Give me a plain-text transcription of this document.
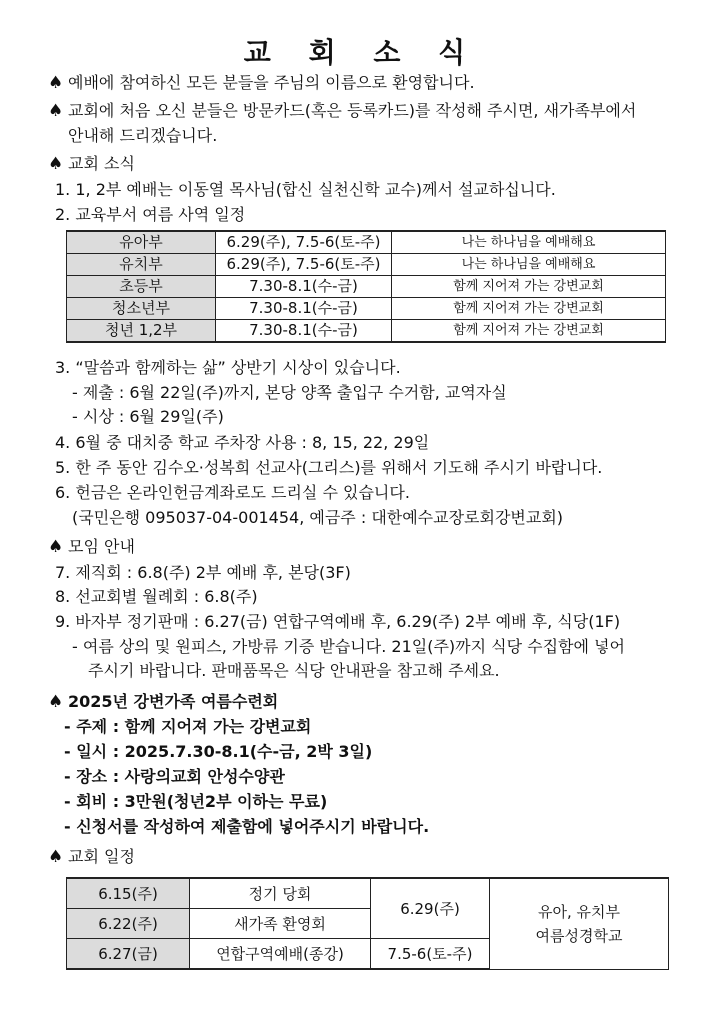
교 회 소 식
♠ 예배에 참여하신 모든 분들을 주님의 이름으로 환영합니다.
♠ 교회에 처음 오신 분들은 방문카드(혹은 등록카드)를 작성해 주시면, 새가족부에서
안내해 드리겠습니다.
♠ 교회 소식
1. 1, 2부 예배는 이동열 목사님(합신 실천신학 교수)께서 설교하십니다.
2. 교육부서 여름 사역 일정
유아부	6.29(주), 7.5-6(토-주)	나는 하나님을 예배해요
유치부	6.29(주), 7.5-6(토-주)	나는 하나님을 예배해요
초등부	7.30-8.1(수-금)	함께 지어져 가는 강변교회
청소년부	7.30-8.1(수-금)	함께 지어져 가는 강변교회
청년 1,2부	7.30-8.1(수-금)	함께 지어져 가는 강변교회
3. “말씀과 함께하는 삶” 상반기 시상이 있습니다.
- 제출 : 6월 22일(주)까지, 본당 양쪽 출입구 수거함, 교역자실
- 시상 : 6월 29일(주)
4. 6월 중 대치중 학교 주차장 사용 : 8, 15, 22, 29일
5. 한 주 동안 김수오·성복희 선교사(그리스)를 위해서 기도해 주시기 바랍니다.
6. 헌금은 온라인헌금계좌로도 드리실 수 있습니다.
(국민은행 095037-04-001454, 예금주 : 대한예수교장로회강변교회)
♠ 모임 안내
7. 제직회 : 6.8(주) 2부 예배 후, 본당(3F)
8. 선교회별 월례회 : 6.8(주)
9. 바자부 정기판매 : 6.27(금) 연합구역예배 후, 6.29(주) 2부 예배 후, 식당(1F)
- 여름 상의 및 원피스, 가방류 기증 받습니다. 21일(주)까지 식당 수집함에 넣어
주시기 바랍니다. 판매품목은 식당 안내판을 참고해 주세요.
♠ 2025년 강변가족 여름수련회
- 주제 : 함께 지어져 가는 강변교회
- 일시 : 2025.7.30-8.1(수-금, 2박 3일)
- 장소 : 사랑의교회 안성수양관
- 회비 : 3만원(청년2부 이하는 무료)
- 신청서를 작성하여 제출함에 넣어주시기 바랍니다.
♠ 교회 일정
6.15(주)	정기 당회	6.29(주)	유아, 유치부
여름성경학교

6.22(주)	새가족 환영회		
6.27(금)	연합구역예배(종강)	7.5-6(토-주)	
